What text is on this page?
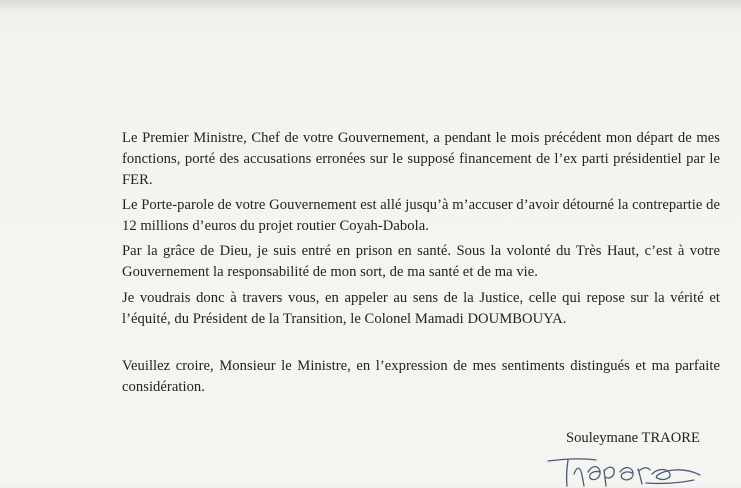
Le Premier Ministre, Chef de votre Gouvernement, a pendant le mois précédent mon départ de mes fonctions, porté des accusations erronées sur le supposé financement de l’ex parti présidentiel par le FER.

Le Porte-parole de votre Gouvernement est allé jusqu’à m’accuser d’avoir détourné la contrepartie de 12 millions d’euros du projet routier Coyah-Dabola.

Par la grâce de Dieu, je suis entré en prison en santé. Sous la volonté du Très Haut, c’est à votre Gouvernement la responsabilité de mon sort, de ma santé et de ma vie.

Je voudrais donc à travers vous, en appeler au sens de la Justice, celle qui repose sur la vérité et l’équité, du Président de la Transition, le Colonel Mamadi DOUMBOUYA.

Veuillez croire, Monsieur le Ministre, en l’expression de mes sentiments distingués et ma parfaite considération.

Souleymane TRAORE
